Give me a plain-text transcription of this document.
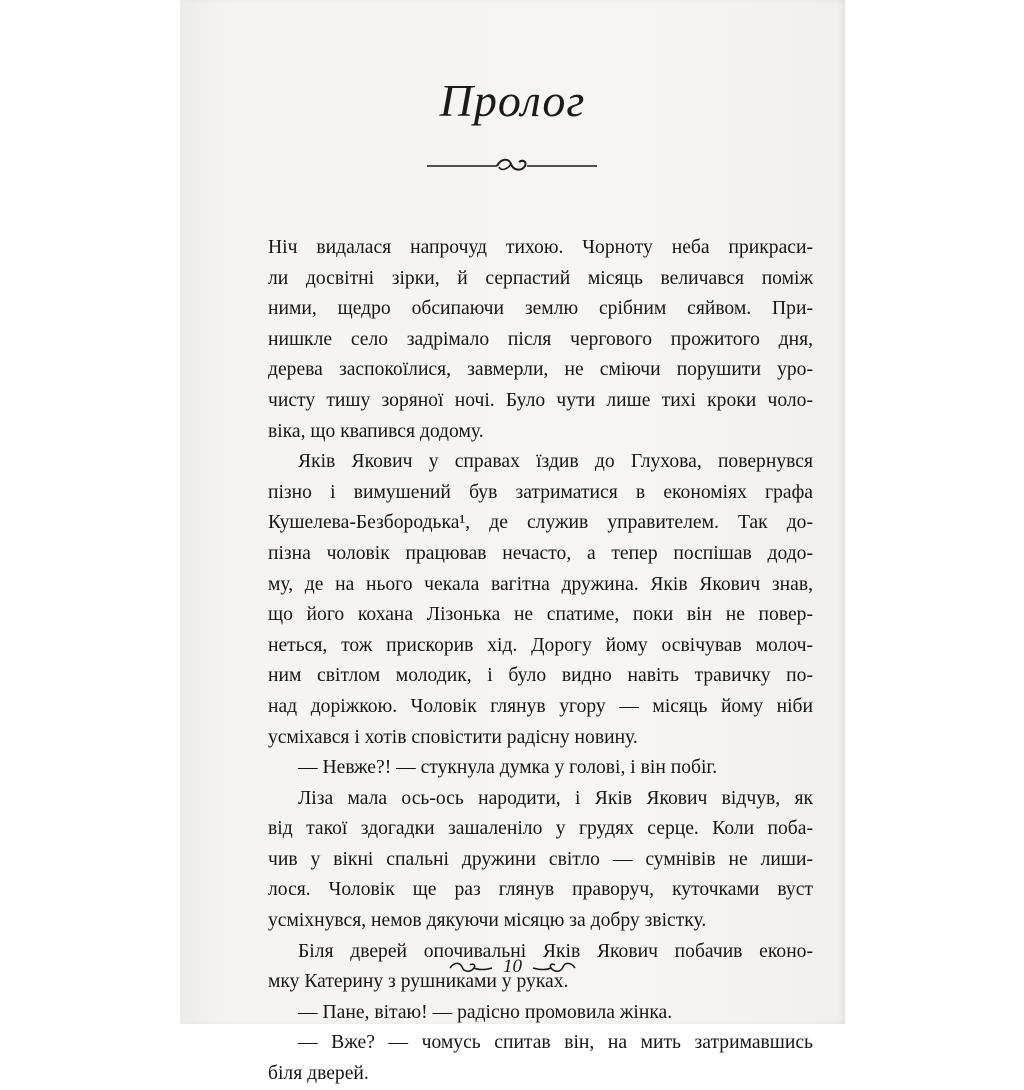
Пролог
Ніч видалася напрочуд тихою. Чорноту неба прикраси-
ли досвітні зірки, й серпастий місяць величався поміж
ними, щедро обсипаючи землю срібним сяйвом. При-
нишкле село задрімало після чергового прожитого дня,
дерева заспокоїлися, завмерли, не сміючи порушити уро-
чисту тишу зоряної ночі. Було чути лише тихі кроки чоло-
віка, що квапився додому.
Яків Якович у справах їздив до Глухова, повернувся
пізно і вимушений був затриматися в економіях графа
Кушелева-Безбородька¹, де служив управителем. Так до-
пізна чоловік працював нечасто, а тепер поспішав додо-
му, де на нього чекала вагітна дружина. Яків Якович знав,
що його кохана Лізонька не спатиме, поки він не повер-
неться, тож прискорив хід. Дорогу йому освічував молоч-
ним світлом молодик, і було видно навіть травичку по-
над доріжкою. Чоловік глянув угору — місяць йому ніби
усміхався і хотів сповістити радісну новину.
— Невже?! — стукнула думка у голові, і він побіг.
Ліза мала ось-ось народити, і Яків Якович відчув, як
від такої здогадки зашаленіло у грудях серце. Коли поба-
чив у вікні спальні дружини світло — сумнівів не лиши-
лося. Чоловік ще раз глянув праворуч, куточками вуст
усміхнувся, немов дякуючи місяцю за добру звістку.
Біля дверей опочивальні Яків Якович побачив еконо-
мку Катерину з рушниками у руках.
— Пане, вітаю! — радісно промовила жінка.
— Вже? — чомусь спитав він, на мить затримавшись
біля дверей.
10
